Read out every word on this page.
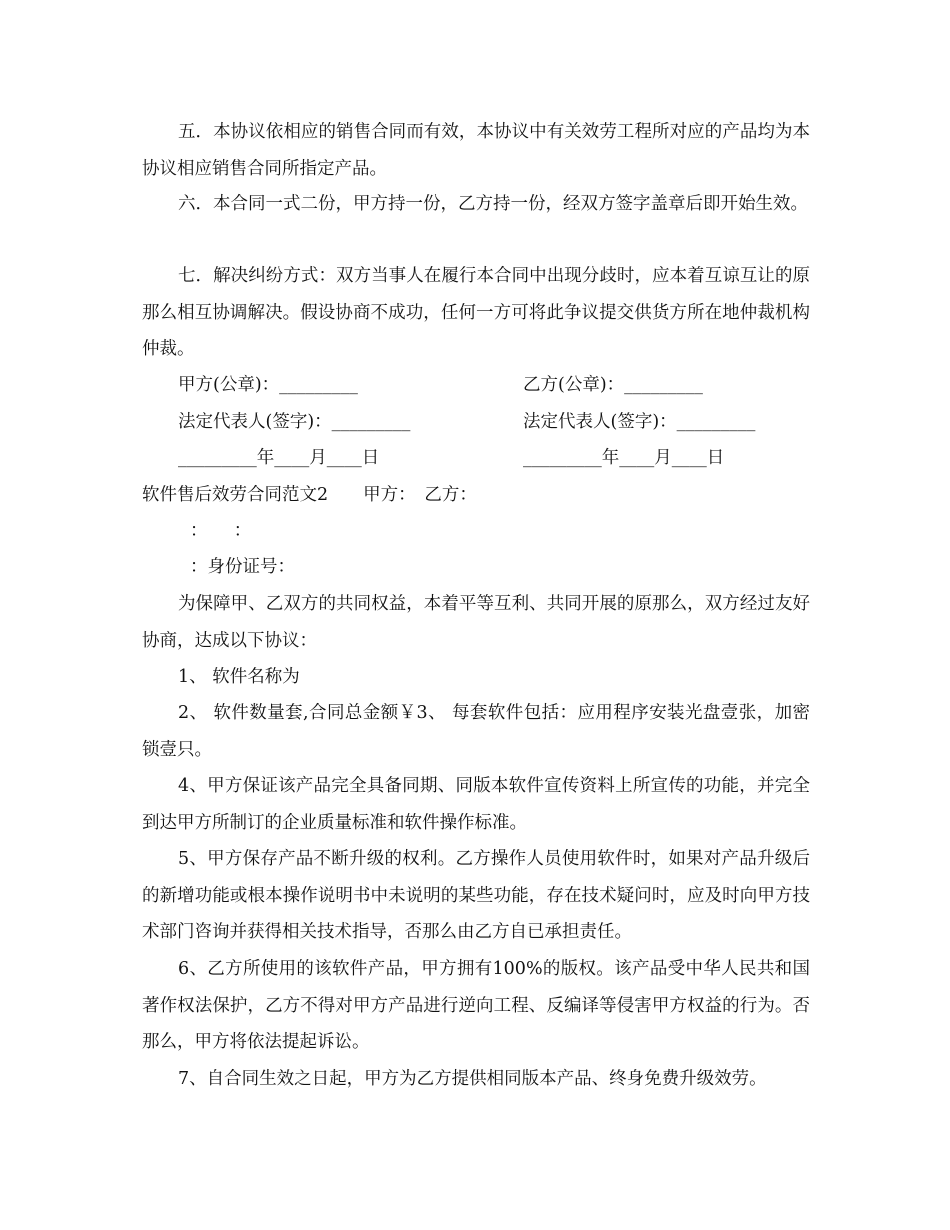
五．本协议依相应的销售合同而有效，本协议中有关效劳工程所对应的产品均为本协议相应销售合同所指定产品。

六．本合同一式二份，甲方持一份，乙方持一份，经双方签字盖章后即开始生效。

七．解决纠纷方式：双方当事人在履行本合同中出现分歧时，应本着互谅互让的原那么相互协调解决。假设协商不成功，任何一方可将此争议提交供货方所在地仲裁机构仲裁。

甲方(公章)：_________	乙方(公章)：_________
法定代表人(签字)：_________	法定代表人(签字)：_________
_________年____月____日	_________年____月____日
软件售后效劳合同范文2　　甲方：　乙方：
：　　：
：身份证号：

为保障甲、乙双方的共同权益，本着平等互利、共同开展的原那么，双方经过友好协商，达成以下协议：

1、 软件名称为

2、 软件数量套,合同总金额￥3、 每套软件包括：应用程序安装光盘壹张，加密锁壹只。

4、甲方保证该产品完全具备同期、同版本软件宣传资料上所宣传的功能，并完全到达甲方所制订的企业质量标准和软件操作标准。

5、甲方保存产品不断升级的权利。乙方操作人员使用软件时，如果对产品升级后的新增功能或根本操作说明书中未说明的某些功能，存在技术疑问时，应及时向甲方技术部门咨询并获得相关技术指导，否那么由乙方自已承担责任。

6、乙方所使用的该软件产品，甲方拥有100%的版权。该产品受中华人民共和国著作权法保护，乙方不得对甲方产品进行逆向工程、反编译等侵害甲方权益的行为。否那么，甲方将依法提起诉讼。

7、自合同生效之日起，甲方为乙方提供相同版本产品、终身免费升级效劳。
